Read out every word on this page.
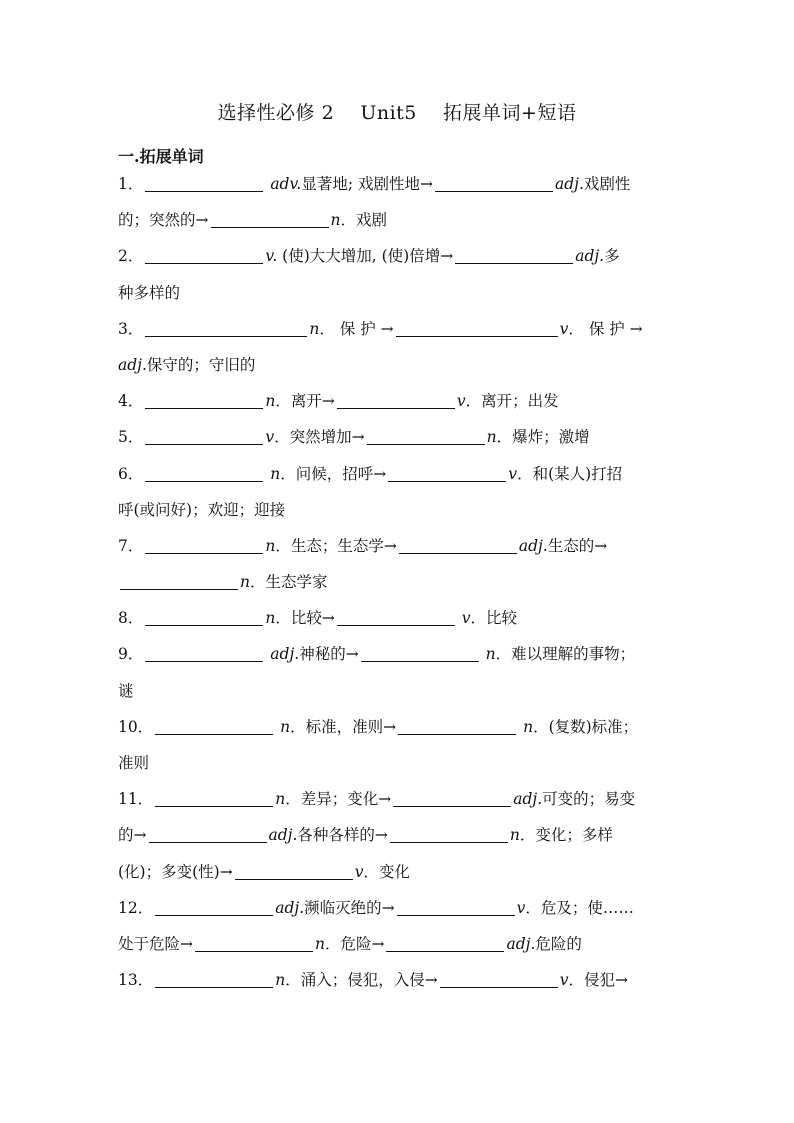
选择性必修 2    Unit5    拓展单词+短语
一.拓展单词
1．	adv.显著地; 戏剧性地→	adj.戏剧性
的；突然的→	n．戏剧
2．	v. (使)大大增加, (使)倍增→	adj.多
种多样的
3．	n． 保 护 →	v． 保 护 →
adj.保守的；守旧的
4．	n．离开→	v．离开；出发
5．	v．突然增加→	n．爆炸；激增
6．	n．问候，招呼→	v．和(某人)打招
呼(或问好)；欢迎；迎接
7．	n．生态；生态学→	adj.生态的→
n．生态学家
8．	n．比较→	v．比较
9．	adj.神秘的→	n．难以理解的事物；
谜
10．	n．标准，准则→	n．(复数)标准；
准则
11．	n．差异；变化→	adj.可变的；易变
的→	adj.各种各样的→	n．变化；多样
(化)；多变(性)→	v．变化
12．	adj.濒临灭绝的→	v．危及；使……
处于危险→	n．危险→	adj.危险的
13．	n．涌入；侵犯，入侵→	v．侵犯→
